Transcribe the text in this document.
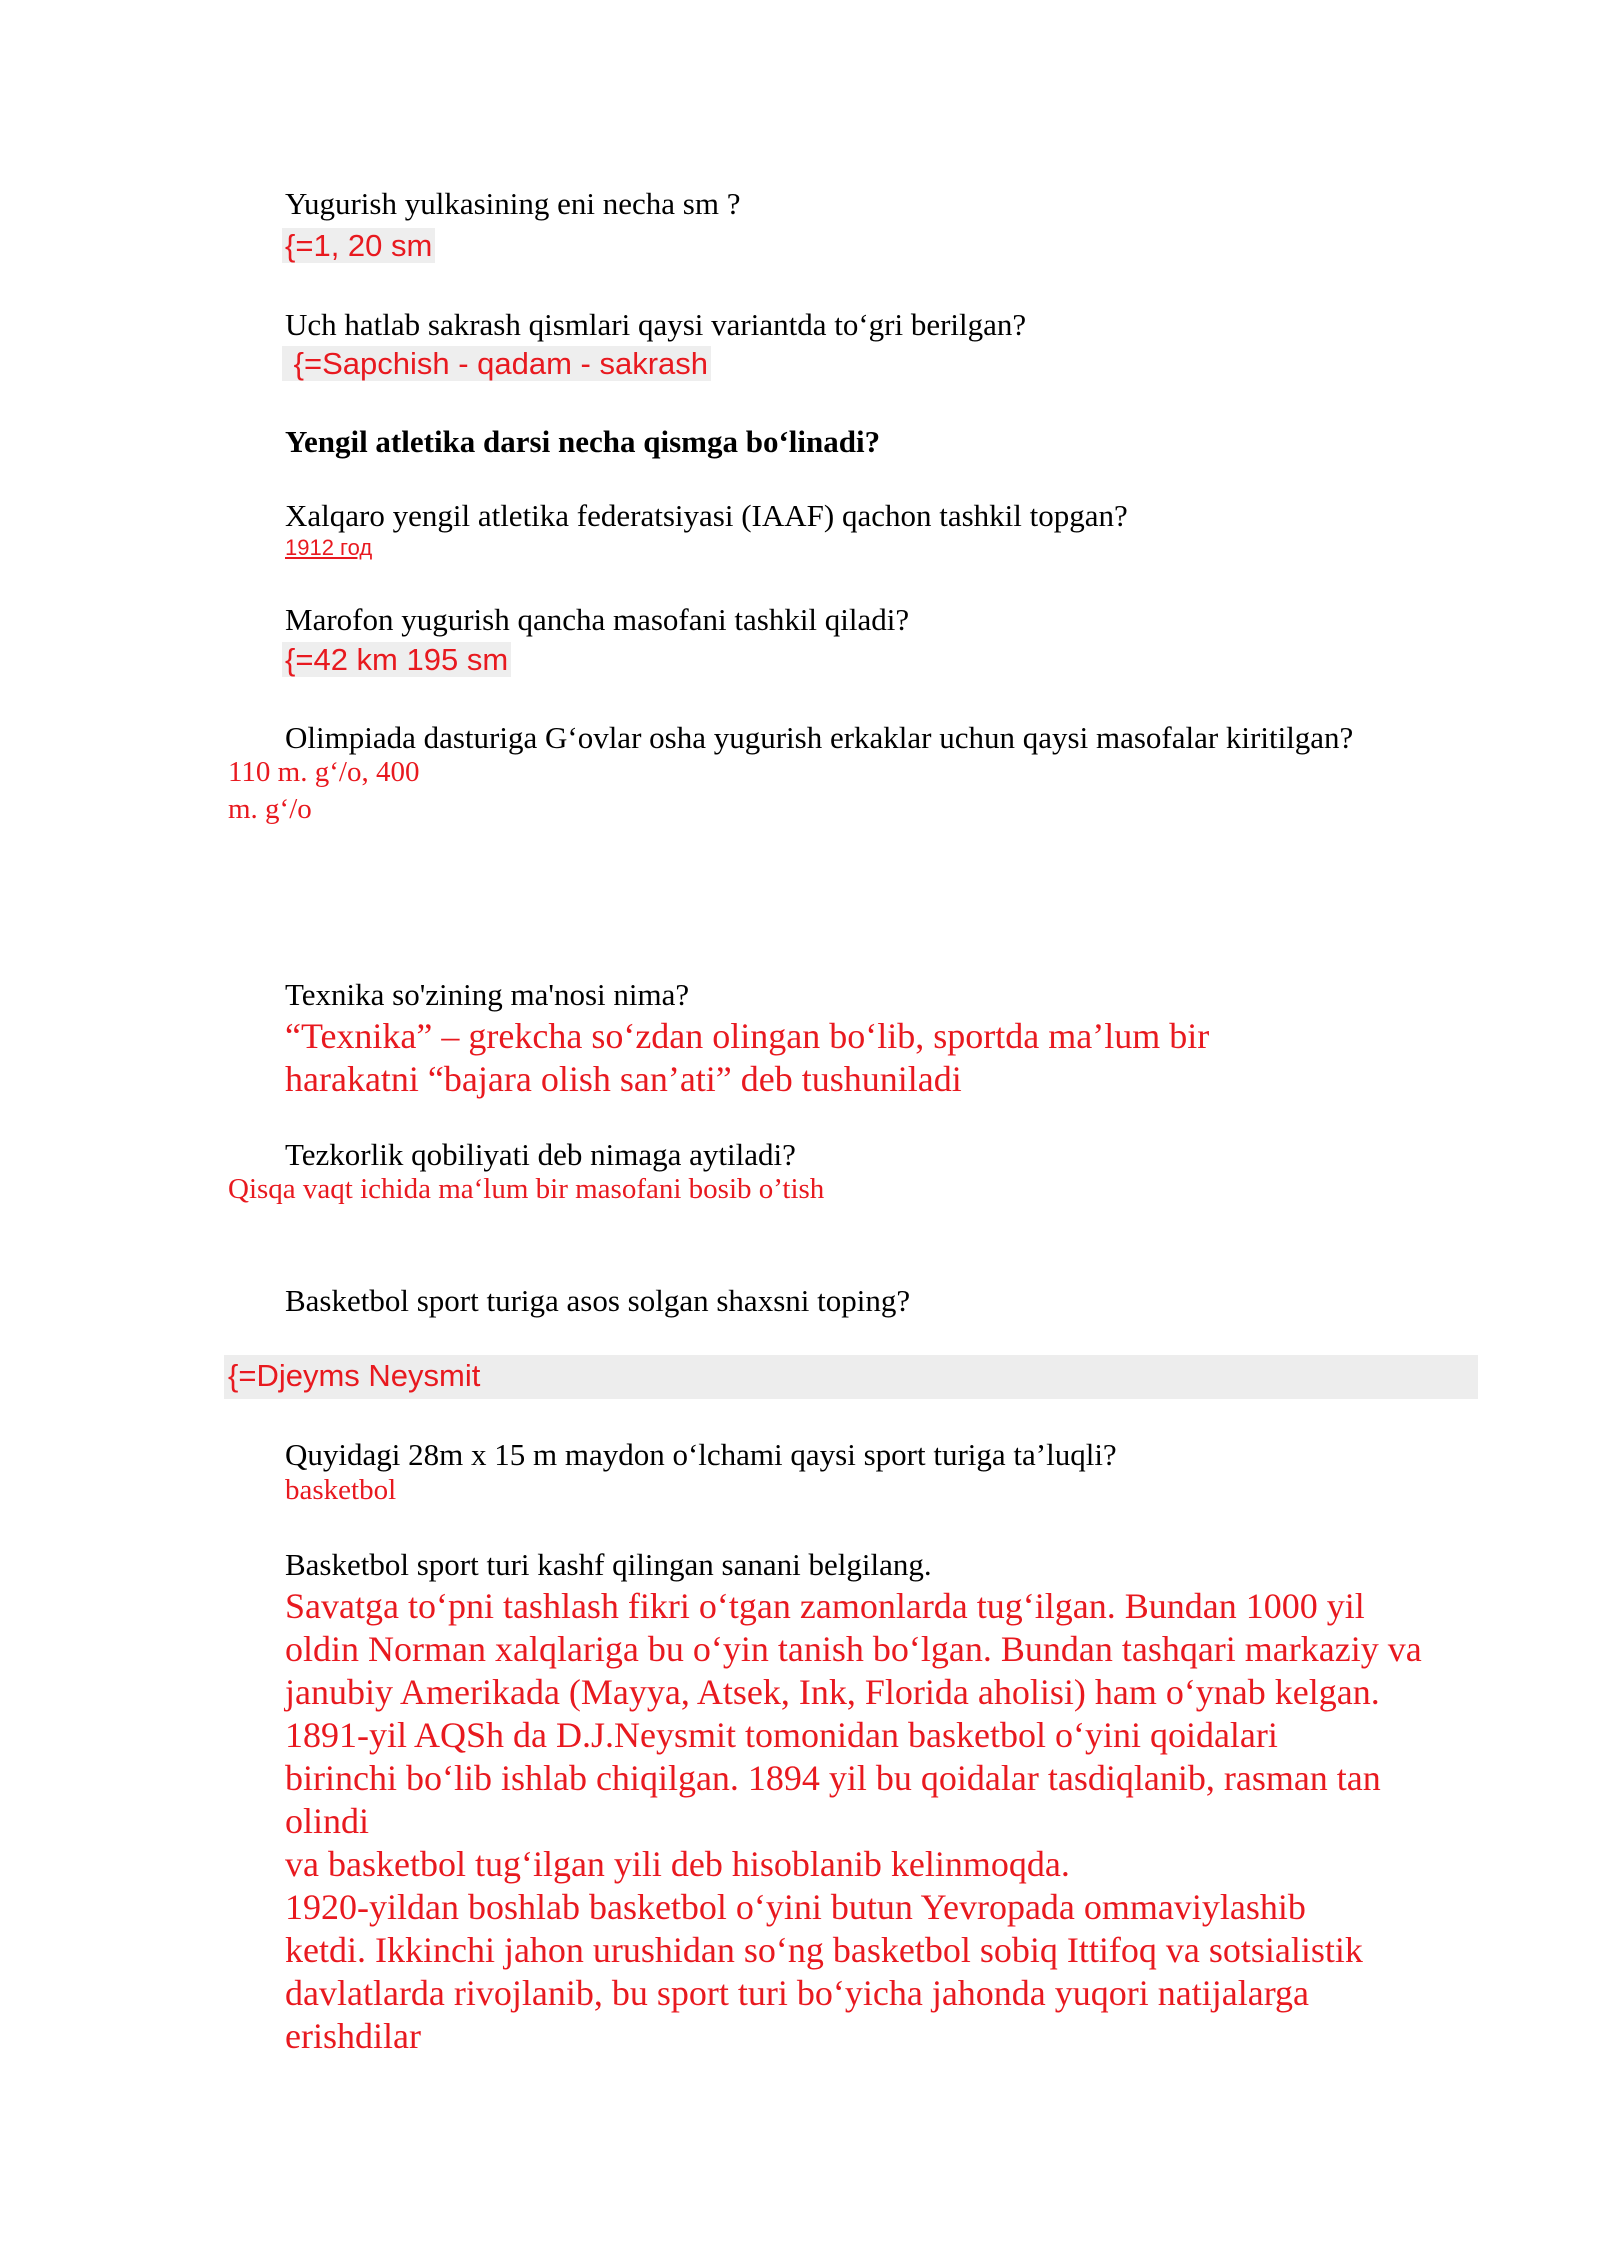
Yugurish yulkasining eni necha sm ?
{=1, 20 sm
Uch hatlab sakrash qismlari qaysi variantda to‘gri berilgan?
{=Sapchish - qadam - sakrash
Yengil atletika darsi necha qismga bo‘linadi?
Xalqaro yengil atletika federatsiyasi (IAAF) qachon tashkil topgan?
1912 год
Marofon yugurish qancha masofani tashkil qiladi?
{=42 km 195 sm
Olimpiada dasturiga G‘ovlar osha yugurish erkaklar uchun qaysi masofalar kiritilgan?
110 m. g‘/o, 400
m. g‘/o
Texnika so'zining ma'nosi nima?
“Texnika” – grekcha so‘zdan olingan bo‘lib, sportda ma’lum bir
harakatni “bajara olish san’ati” deb tushuniladi
Tezkorlik qobiliyati deb nimaga aytiladi?
Qisqa vaqt ichida ma‘lum bir masofani bosib o’tish
Basketbol sport turiga asos solgan shaxsni toping?
{=Djeyms Neysmit
Quyidagi 28m x 15 m maydon o‘lchami qaysi sport turiga ta’luqli?
basketbol
Basketbol sport turi kashf qilingan sanani belgilang.
Savatga to‘pni tashlash fikri o‘tgan zamonlarda tug‘ilgan. Bundan 1000 yil
oldin Norman xalqlariga bu o‘yin tanish bo‘lgan. Bundan tashqari markaziy va
janubiy Amerikada (Mayya, Atsek, Ink, Florida aholisi) ham o‘ynab kelgan.
1891-yil AQSh da D.J.Neysmit tomonidan basketbol o‘yini qoidalari
birinchi bo‘lib ishlab chiqilgan. 1894 yil bu qoidalar tasdiqlanib, rasman tan
olindi
va basketbol tug‘ilgan yili deb hisoblanib kelinmoqda.
1920-yildan boshlab basketbol o‘yini butun Yevropada ommaviylashib
ketdi. Ikkinchi jahon urushidan so‘ng basketbol sobiq Ittifoq va sotsialistik
davlatlarda rivojlanib, bu sport turi bo‘yicha jahonda yuqori natijalarga
erishdilar
